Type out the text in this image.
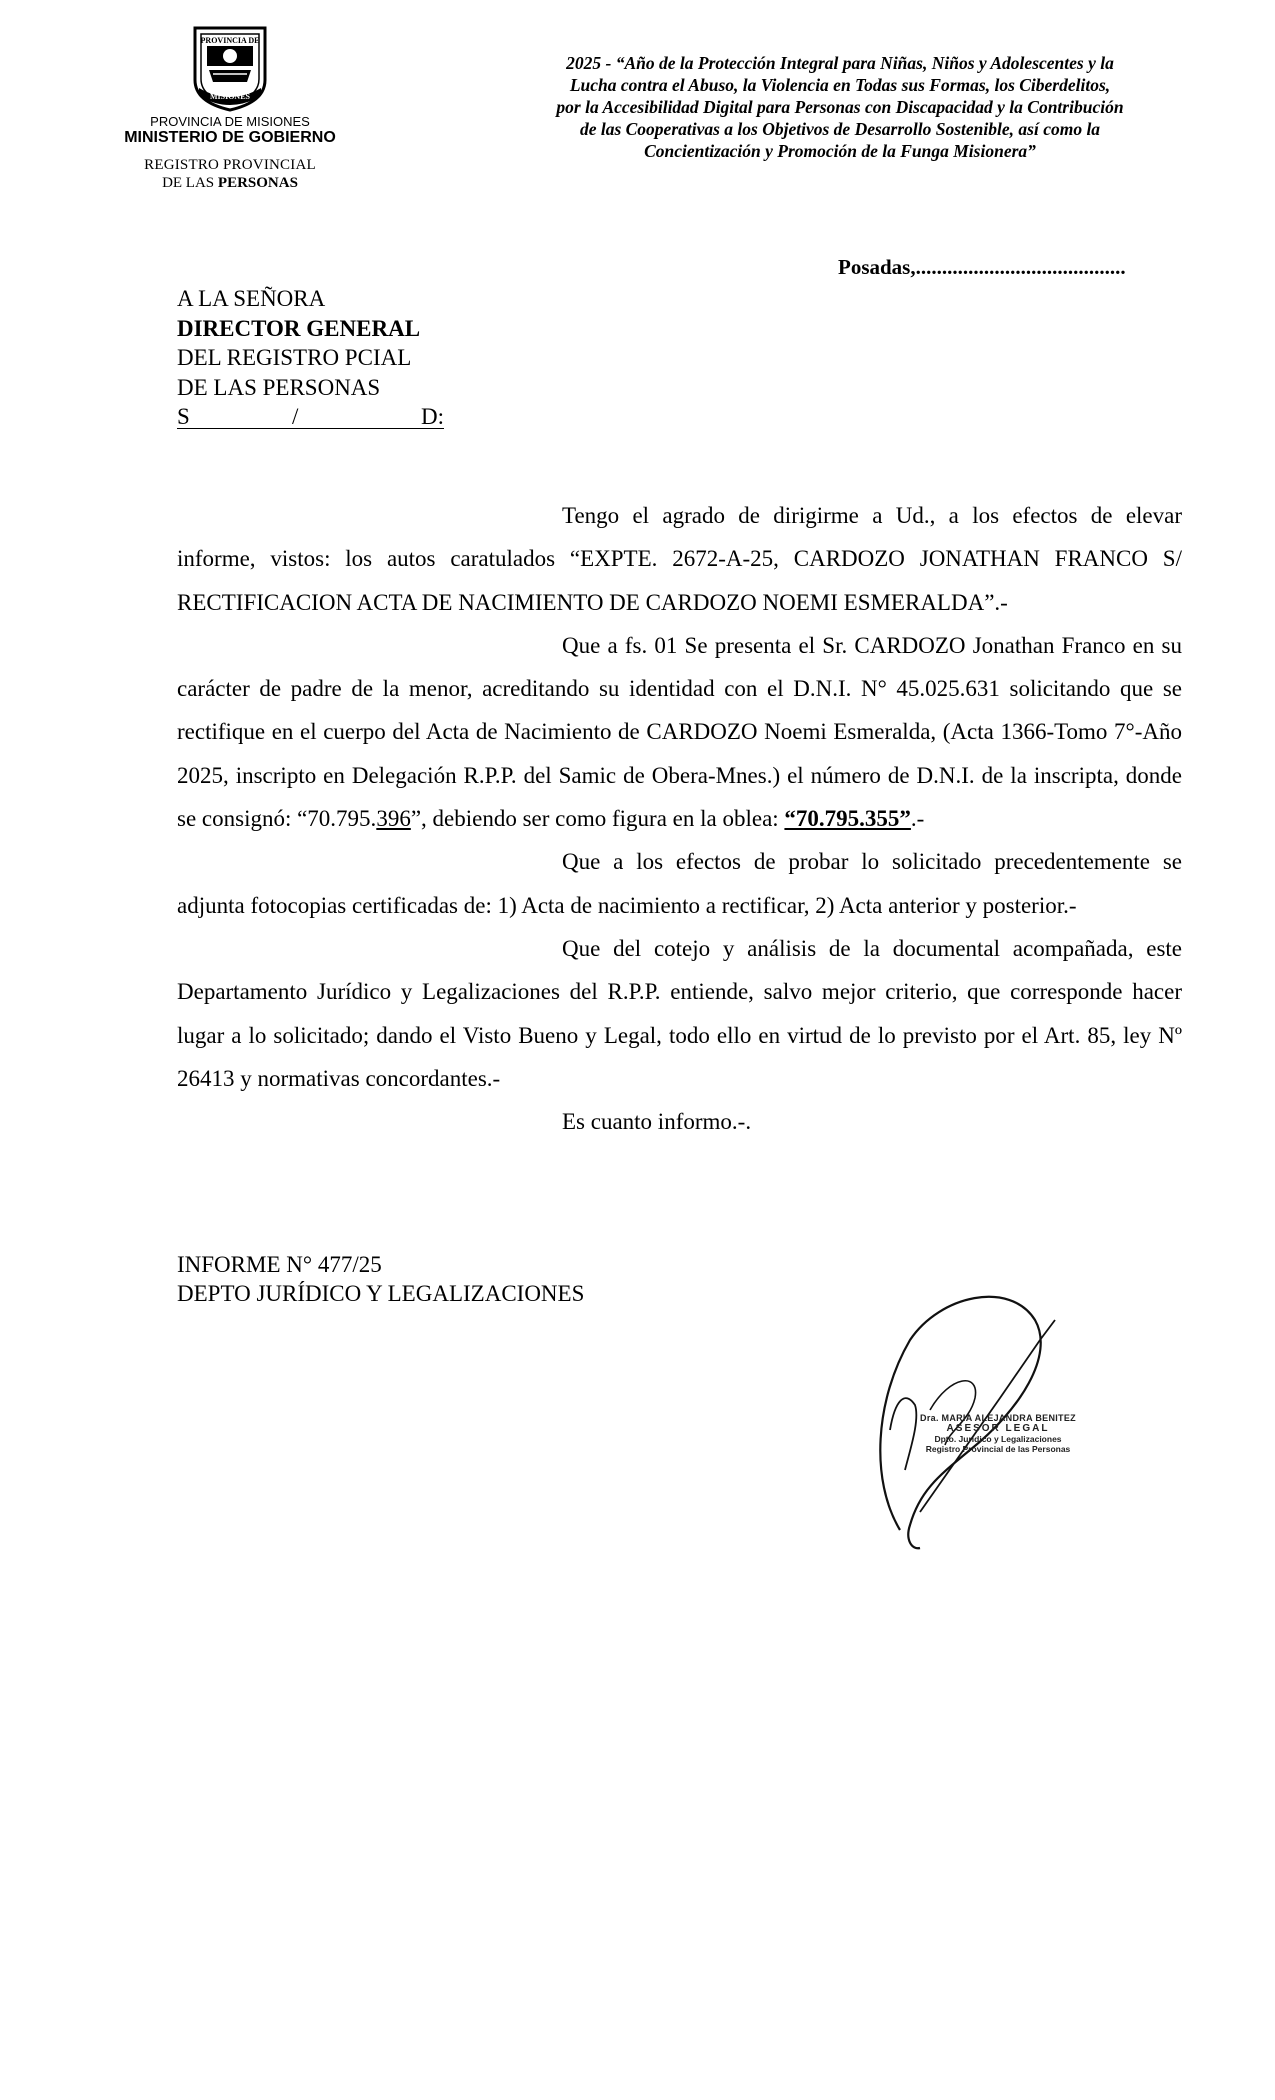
PROVINCIA DE
MISIONES
PROVINCIA DE MISIONES
MINISTERIO DE GOBIERNO
REGISTRO PROVINCIAL
DE LAS PERSONAS
2025 - “Año de la Protección Integral para Niñas, Niños y Adolescentes y la
Lucha contra el Abuso, la Violencia en Todas sus Formas, los Ciberdelitos,
por la Accesibilidad Digital para Personas con Discapacidad y la Contribución
de las Cooperativas a los Objetivos de Desarrollo Sostenible, así como la
Concientización y Promoción de la Funga Misionera”
Posadas,........................................
A LA SEÑORA
DIRECTOR GENERAL
DEL REGISTRO PCIAL
DE LAS PERSONAS
S	/	D:

Tengo el agrado de dirigirme a Ud., a los efectos de elevar informe, vistos: los autos caratulados “EXPTE. 2672-A-25, CARDOZO JONATHAN FRANCO S/ RECTIFICACION ACTA DE NACIMIENTO DE CARDOZO NOEMI ESMERALDA”.-

Que a fs. 01 Se presenta el Sr. CARDOZO Jonathan Franco en su carácter de padre de la menor, acreditando su identidad con el D.N.I. N° 45.025.631 solicitando que se rectifique en el cuerpo del Acta de Nacimiento de CARDOZO Noemi Esmeralda, (Acta 1366-Tomo 7°-Año 2025, inscripto en Delegación R.P.P. del Samic de Obera-Mnes.) el número de D.N.I. de la inscripta, donde se consignó: “70.795.396”, debiendo ser como figura en la oblea: “70.795.355”.-

Que a los efectos de probar lo solicitado precedentemente se adjunta fotocopias certificadas de: 1) Acta de nacimiento a rectificar, 2) Acta anterior y posterior.-

Que del cotejo y análisis de la documental acompañada, este Departamento Jurídico y Legalizaciones del R.P.P. entiende, salvo mejor criterio, que corresponde hacer lugar a lo solicitado; dando el Visto Bueno y Legal, todo ello en virtud de lo previsto por el Art. 85, ley Nº 26413 y normativas concordantes.-

Es cuanto informo.-.

INFORME N° 477/25
DEPTO JURÍDICO Y LEGALIZACIONES
Dra. MARIA ALEJANDRA BENITEZ
ASESOR LEGAL
Dpto. Jurídico y Legalizaciones
Registro Provincial de las Personas
